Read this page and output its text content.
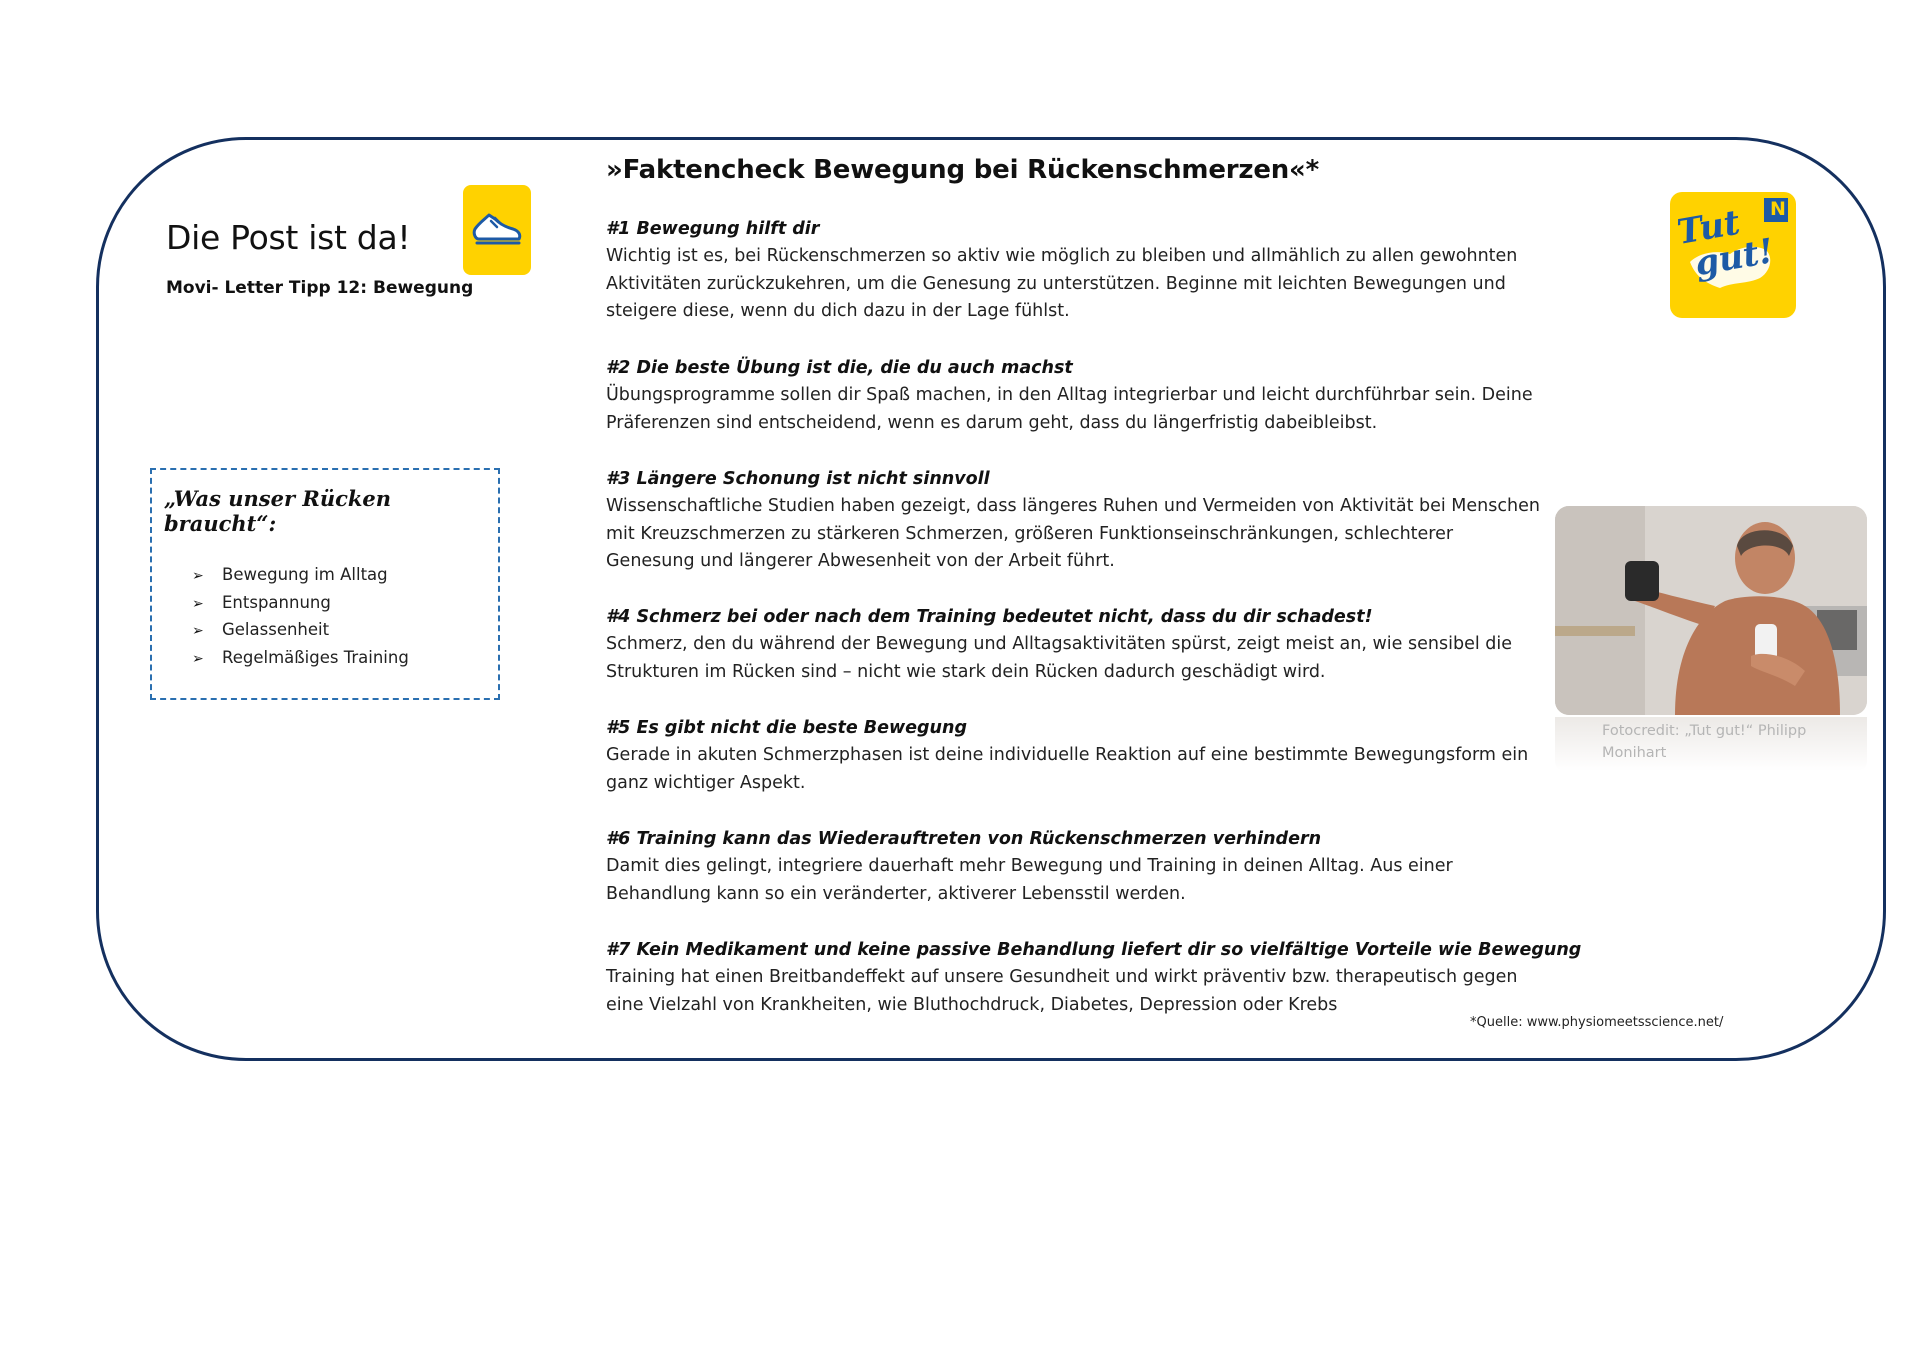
Die Post ist da!
Movi- Letter Tipp 12: Bewegung
„Was unser Rücken braucht“:
➢ Bewegung im Alltag
➢ Entspannung
➢ Gelassenheit
➢ Regelmäßiges Training
»Faktencheck Bewegung bei Rückenschmerzen«*
#1 Bewegung hilft dir
Wichtig ist es, bei Rückenschmerzen so aktiv wie möglich zu bleiben und allmählich zu allen gewohnten Aktivitäten zurückzukehren, um die Genesung zu unterstützen. Beginne mit leichten Bewegungen und steigere diese, wenn du dich dazu in der Lage fühlst.
#2 Die beste Übung ist die, die du auch machst
Übungsprogramme sollen dir Spaß machen, in den Alltag integrierbar und leicht durchführbar sein. Deine Präferenzen sind entscheidend, wenn es darum geht, dass du längerfristig dabeibleibst.
#3 Längere Schonung ist nicht sinnvoll
Wissenschaftliche Studien haben gezeigt, dass längeres Ruhen und Vermeiden von Aktivität bei Menschen mit Kreuzschmerzen zu stärkeren Schmerzen, größeren Funktionseinschränkungen, schlechterer Genesung und längerer Abwesenheit von der Arbeit führt.
#4 Schmerz bei oder nach dem Training bedeutet nicht, dass du dir schadest!
Schmerz, den du während der Bewegung und Alltagsaktivitäten spürst, zeigt meist an, wie sensibel die Strukturen im Rücken sind – nicht wie stark dein Rücken dadurch geschädigt wird.
#5 Es gibt nicht die beste Bewegung
Gerade in akuten Schmerzphasen ist deine individuelle Reaktion auf eine bestimmte Bewegungsform ein ganz wichtiger Aspekt.
#6 Training kann das Wiederauftreten von Rückenschmerzen verhindern
Damit dies gelingt, integriere dauerhaft mehr Bewegung und Training in deinen Alltag. Aus einer Behandlung kann so ein veränderter, aktiverer Lebensstil werden.
#7 Kein Medikament und keine passive Behandlung liefert dir so vielfältige Vorteile wie Bewegung
Training hat einen Breitbandeffekt auf unsere Gesundheit und wirkt präventiv bzw. therapeutisch gegen eine Vielzahl von Krankheiten, wie Bluthochdruck, Diabetes, Depression oder Krebs
*Quelle: www.physiomeetsscience.net/
N
Tut
gut!
Fotocredit: „Tut gut!“ Philipp Monihart
